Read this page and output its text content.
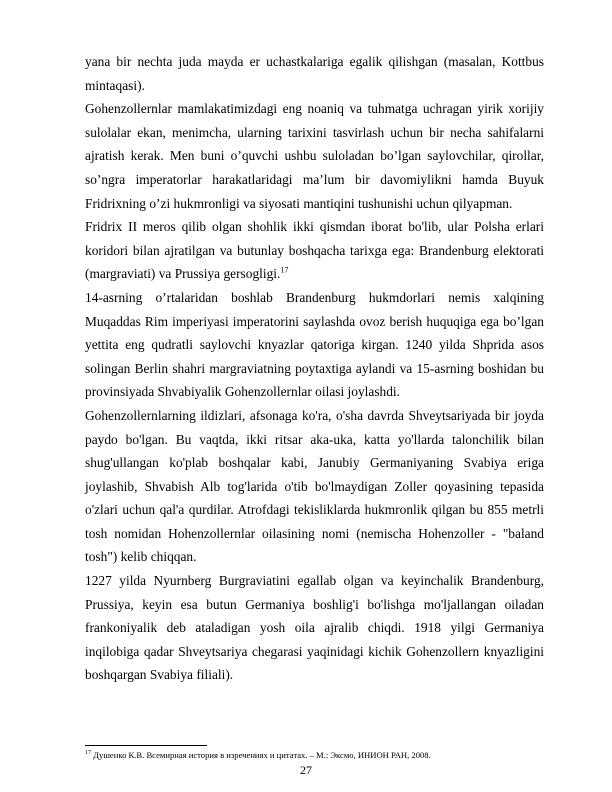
yana bir nechta juda mayda er uchastkalariga egalik qilishgan (masalan, Kottbus mintaqasi).

Gohenzollernlar mamlakatimizdagi eng noaniq va tuhmatga uchragan yirik xorijiy sulolalar ekan, menimcha, ularning tarixini tasvirlash uchun bir necha sahifalarni ajratish kerak. Men buni o’quvchi ushbu suloladan bo’lgan saylovchilar, qirollar, so’ngra imperatorlar harakatlaridagi ma’lum bir davomiylikni hamda Buyuk Fridrixning o’zi hukmronligi va siyosati mantiqini tushunishi uchun qilyapman.

Fridrix II meros qilib olgan shohlik ikki qismdan iborat bo'lib, ular Polsha erlari koridori bilan ajratilgan va butunlay boshqacha tarixga ega: Brandenburg elektorati (margraviati) va Prussiya gersogligi.$^{17}$

14-asrning o’rtalaridan boshlab Brandenburg hukmdorlari nemis xalqining Muqaddas Rim imperiyasi imperatorini saylashda ovoz berish huquqiga ega bo’lgan yettita eng qudratli saylovchi knyazlar qatoriga kirgan. 1240 yilda Shprida asos solingan Berlin shahri margraviatning poytaxtiga aylandi va 15-asrning boshidan bu provinsiyada Shvabiyalik Gohenzollernlar oilasi joylashdi.

Gohenzollernlarning ildizlari, afsonaga ko'ra, o'sha davrda Shveytsariyada bir joyda paydo bo'lgan. Bu vaqtda, ikki ritsar aka-uka, katta yo'llarda talonchilik bilan shug'ullangan ko'plab boshqalar kabi, Janubiy Germaniyaning Svabiya eriga joylashib, Shvabish Alb tog'larida o'tib bo'lmaydigan Zoller qoyasining tepasida o'zlari uchun qal'a qurdilar. Atrofdagi tekisliklarda hukmronlik qilgan bu 855 metrli tosh nomidan Hohenzollernlar oilasining nomi (nemischa Hohenzoller - "baland tosh") kelib chiqqan.

1227 yilda Nyurnberg Burgraviatini egallab olgan va keyinchalik Brandenburg, Prussiya, keyin esa butun Germaniya boshlig'i bo'lishga mo'ljallangan oiladan frankoniyalik deb ataladigan yosh oila ajralib chiqdi. 1918 yilgi Germaniya inqilobiga qadar Shveytsariya chegarasi yaqinidagi kichik Gohenzollern knyazligini boshqargan Svabiya filiali).

$^{17}$ Душенко К.В. Всемирная история в изречениях и цитатах. – М.: Эксмо, ИНИОН РАН, 2008.
27
